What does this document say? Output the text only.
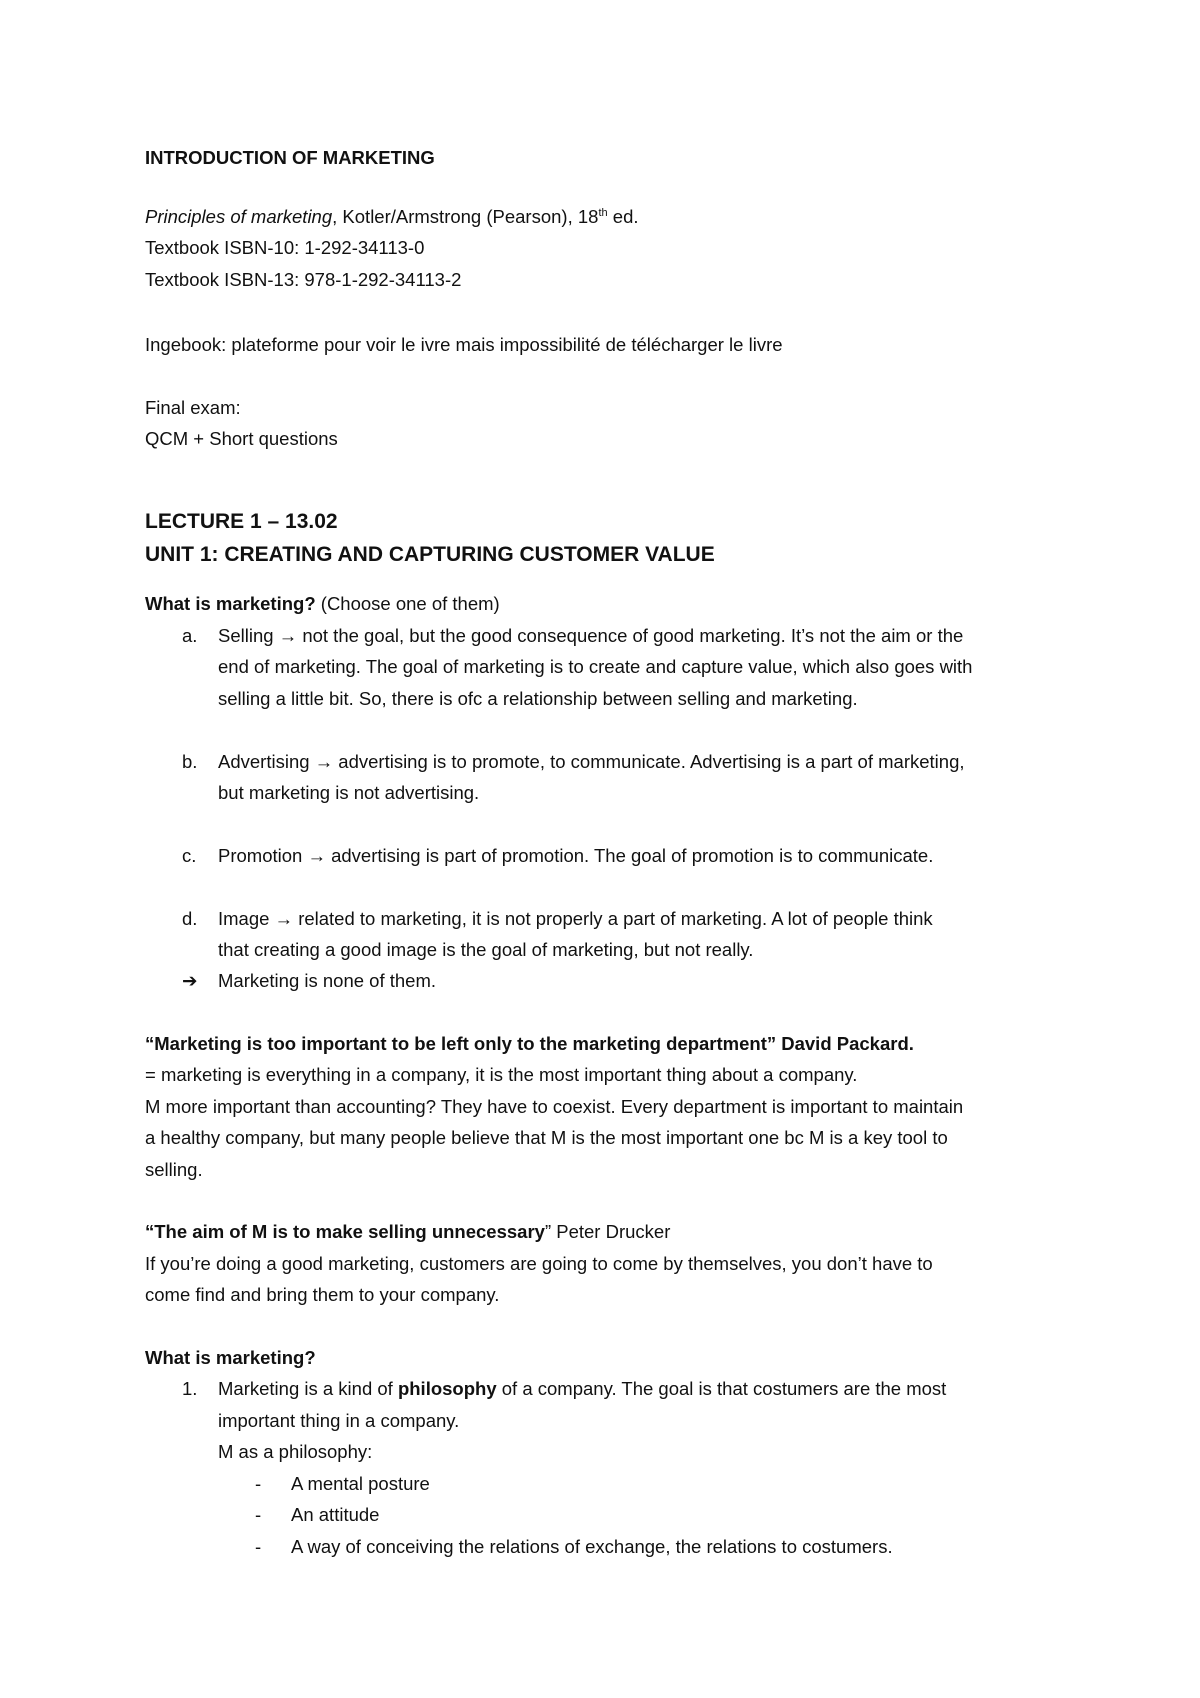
INTRODUCTION OF MARKETING
Principles of marketing, Kotler/Armstrong (Pearson), 18th ed.
Textbook ISBN-10: 1-292-34113-0
Textbook ISBN-13: 978-1-292-34113-2
Ingebook: plateforme pour voir le ivre mais impossibilité de télécharger le livre
Final exam:
QCM + Short questions
LECTURE 1 – 13.02
UNIT 1: CREATING AND CAPTURING CUSTOMER VALUE
What is marketing? (Choose one of them)
a. Selling → not the goal, but the good consequence of good marketing. It’s not the aim or the
end of marketing. The goal of marketing is to create and capture value, which also goes with
selling a little bit. So, there is ofc a relationship between selling and marketing.
b. Advertising → advertising is to promote, to communicate. Advertising is a part of marketing,
but marketing is not advertising.
c. Promotion → advertising is part of promotion. The goal of promotion is to communicate.
d. Image → related to marketing, it is not properly a part of marketing. A lot of people think
that creating a good image is the goal of marketing, but not really.
➔ Marketing is none of them.
“Marketing is too important to be left only to the marketing department” David Packard.
= marketing is everything in a company, it is the most important thing about a company.
M more important than accounting? They have to coexist. Every department is important to maintain
a healthy company, but many people believe that M is the most important one bc M is a key tool to
selling.
“The aim of M is to make selling unnecessary” Peter Drucker
If you’re doing a good marketing, customers are going to come by themselves, you don’t have to
come find and bring them to your company.
What is marketing?
1. Marketing is a kind of philosophy of a company. The goal is that costumers are the most
important thing in a company.
M as a philosophy:
- A mental posture
- An attitude
- A way of conceiving the relations of exchange, the relations to costumers.
